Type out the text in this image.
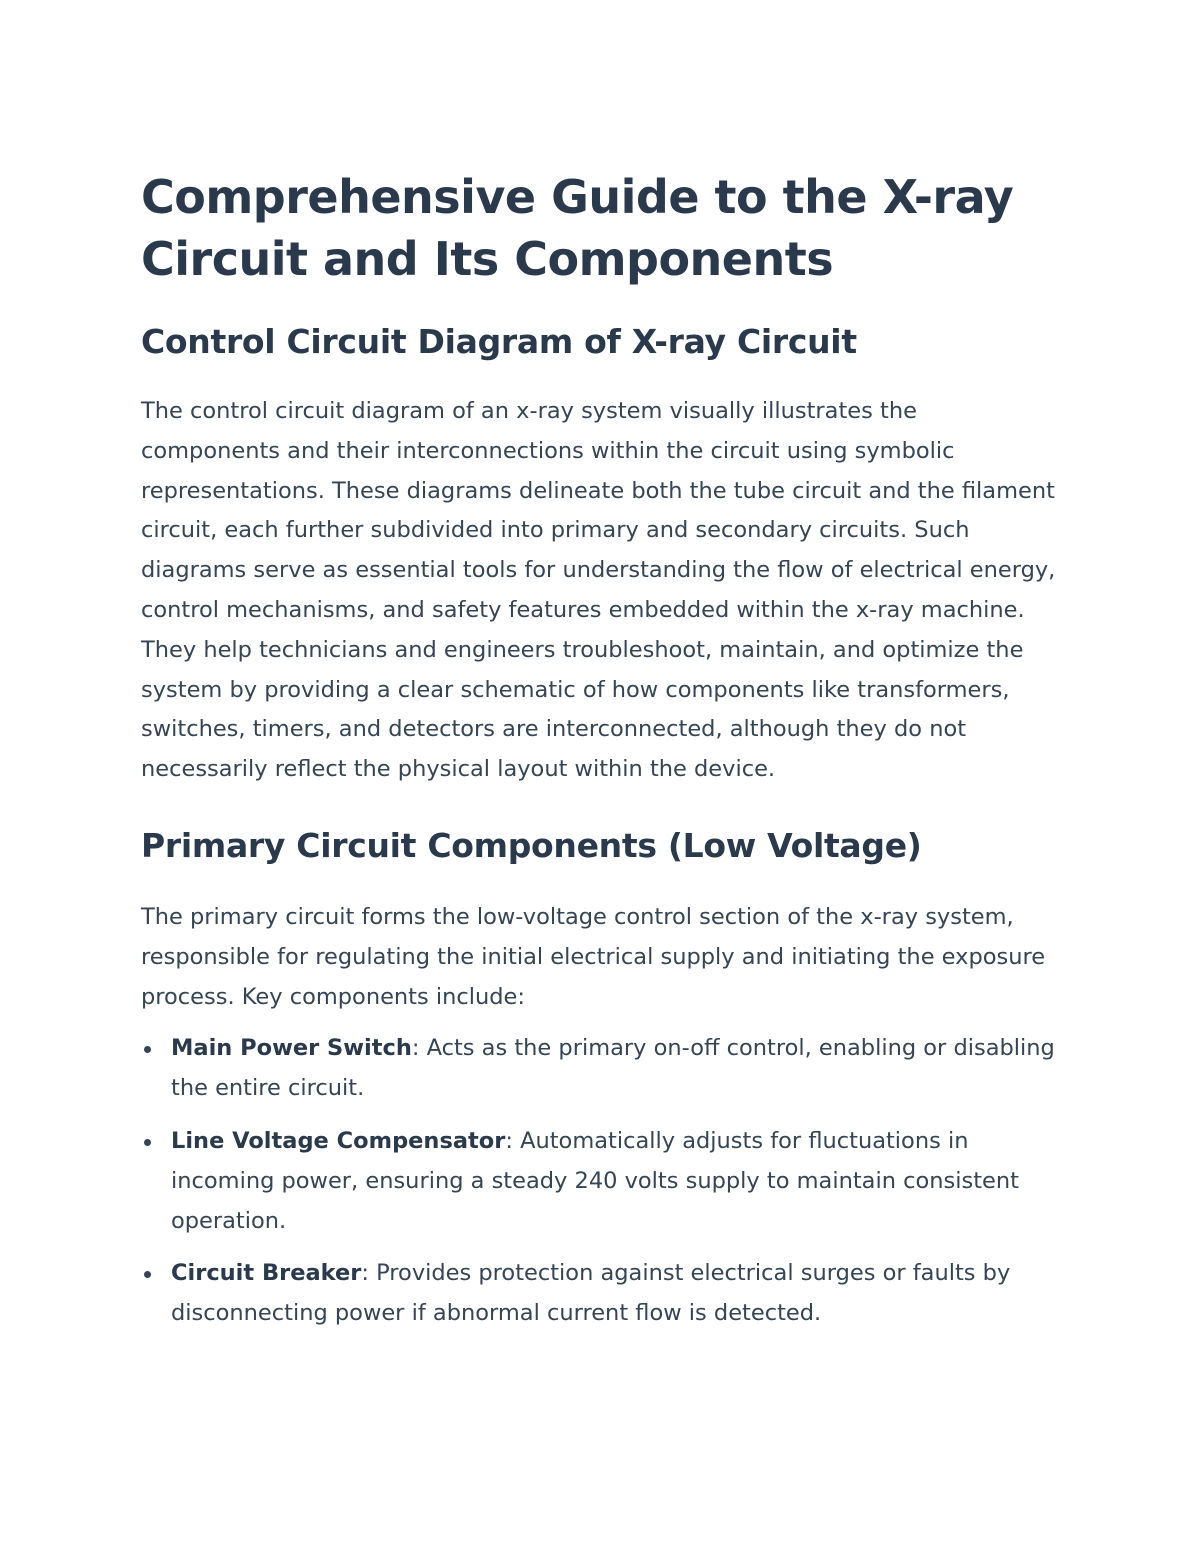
Comprehensive Guide to the X-ray Circuit and Its Components
Control Circuit Diagram of X-ray Circuit

The control circuit diagram of an x-ray system visually illustrates the components and their interconnections within the circuit using symbolic representations. These diagrams delineate both the tube circuit and the filament circuit, each further subdivided into primary and secondary circuits. Such diagrams serve as essential tools for understanding the flow of electrical energy, control mechanisms, and safety features embedded within the x-ray machine. They help technicians and engineers troubleshoot, maintain, and optimize the system by providing a clear schematic of how components like transformers, switches, timers, and detectors are interconnected, although they do not necessarily reflect the physical layout within the device.

Primary Circuit Components (Low Voltage)

The primary circuit forms the low-voltage control section of the x-ray system, responsible for regulating the initial electrical supply and initiating the exposure process. Key components include:

Main Power Switch: Acts as the primary on-off control, enabling or disabling the entire circuit.
Line Voltage Compensator: Automatically adjusts for fluctuations in incoming power, ensuring a steady 240 volts supply to maintain consistent operation.
Circuit Breaker: Provides protection against electrical surges or faults by disconnecting power if abnormal current flow is detected.
